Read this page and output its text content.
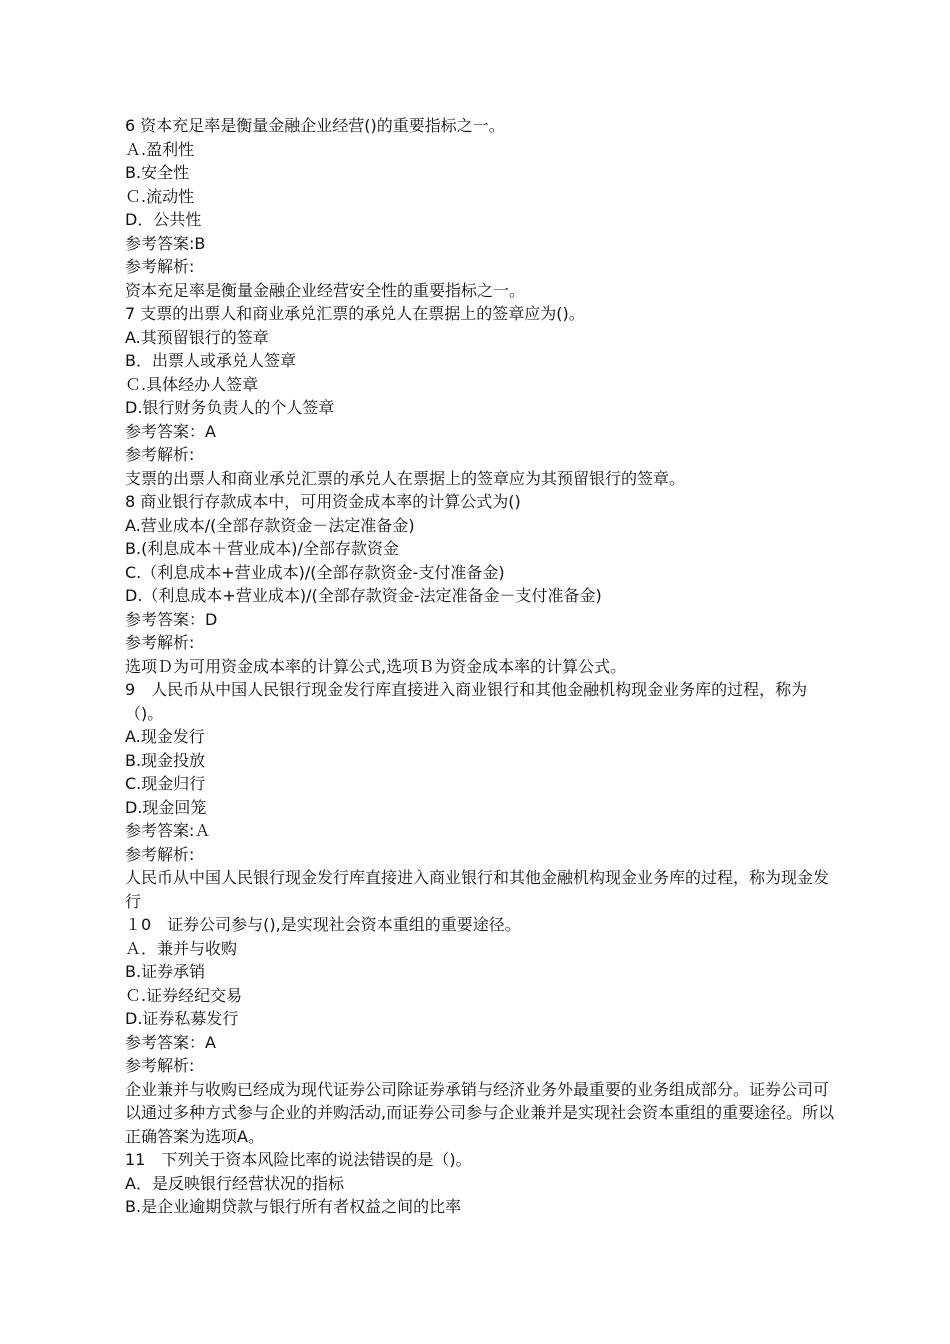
6 资本充足率是衡量金融企业经营()的重要指标之一。

Ａ.盈利性

B.安全性

Ｃ.流动性

D．公共性

参考答案:B

参考解析:

资本充足率是衡量金融企业经营安全性的重要指标之一。

7 支票的出票人和商业承兑汇票的承兑人在票据上的签章应为()。

A.其预留银行的签章

B．出票人或承兑人签章

Ｃ.具体经办人签章

D.银行财务负责人的个人签章

参考答案：A

参考解析:

支票的出票人和商业承兑汇票的承兑人在票据上的签章应为其预留银行的签章。

8 商业银行存款成本中，可用资金成本率的计算公式为()

A.营业成本/(全部存款资金－法定准备金)

B.(利息成本＋营业成本)/全部存款资金

C.（利息成本+营业成本)/(全部存款资金-支付准备金)

D.（利息成本+营业成本)/(全部存款资金-法定准备金－支付准备金)

参考答案：D

参考解析:

选项Ｄ为可用资金成本率的计算公式,选项Ｂ为资金成本率的计算公式。

9　人民币从中国人民银行现金发行库直接进入商业银行和其他金融机构现金业务库的过程，称为（)。

A.现金发行

B.现金投放

C.现金归行

D.现金回笼

参考答案:Ａ

参考解析:

人民币从中国人民银行现金发行库直接进入商业银行和其他金融机构现金业务库的过程，称为现金发行

１0　证券公司参与(),是实现社会资本重组的重要途径。

Ａ．兼并与收购

B.证券承销

Ｃ.证券经纪交易

D.证券私募发行

参考答案：A

参考解析:

企业兼并与收购已经成为现代证券公司除证券承销与经济业务外最重要的业务组成部分。证券公司可以通过多种方式参与企业的并购活动,而证券公司参与企业兼并是实现社会资本重组的重要途径。所以正确答案为选项A。

11　下列关于资本风险比率的说法错误的是（)。

A．是反映银行经营状况的指标

B.是企业逾期贷款与银行所有者权益之间的比率
